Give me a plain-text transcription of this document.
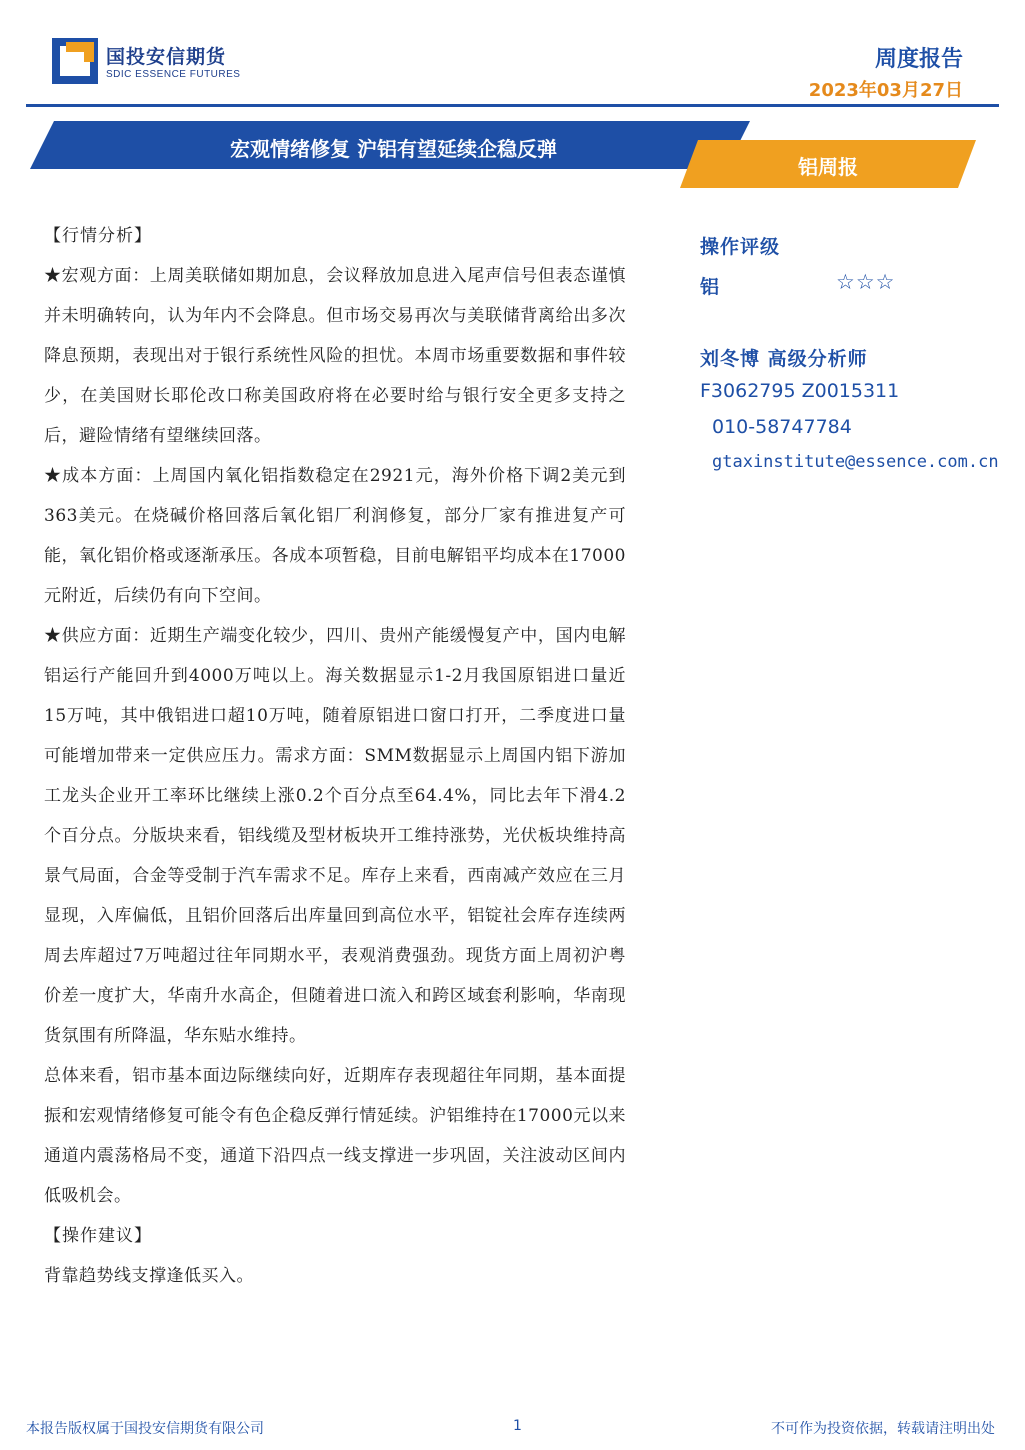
国投安信期货
SDIC ESSENCE FUTURES
周度报告
2023年03月27日
宏观情绪修复 沪铝有望延续企稳反弹
铝周报
【行情分析】

★宏观方面：上周美联储如期加息，会议释放加息进入尾声信号但表态谨慎并未明确转向，认为年内不会降息。但市场交易再次与美联储背离给出多次降息预期，表现出对于银行系统性风险的担忧。本周市场重要数据和事件较少，在美国财长耶伦改口称美国政府将在必要时给与银行安全更多支持之后，避险情绪有望继续回落。

★成本方面：上周国内氧化铝指数稳定在2921元，海外价格下调2美元到363美元。在烧碱价格回落后氧化铝厂利润修复，部分厂家有推进复产可能，氧化铝价格或逐渐承压。各成本项暂稳，目前电解铝平均成本在17000元附近，后续仍有向下空间。

★供应方面：近期生产端变化较少，四川、贵州产能缓慢复产中，国内电解铝运行产能回升到4000万吨以上。海关数据显示1-2月我国原铝进口量近15万吨，其中俄铝进口超10万吨，随着原铝进口窗口打开，二季度进口量可能增加带来一定供应压力。需求方面：SMM数据显示上周国内铝下游加工龙头企业开工率环比继续上涨0.2个百分点至64.4%，同比去年下滑4.2个百分点。分版块来看，铝线缆及型材板块开工维持涨势，光伏板块维持高景气局面，合金等受制于汽车需求不足。库存上来看，西南减产效应在三月显现，入库偏低，且铝价回落后出库量回到高位水平，铝锭社会库存连续两周去库超过7万吨超过往年同期水平，表观消费强劲。现货方面上周初沪粤价差一度扩大，华南升水高企，但随着进口流入和跨区域套利影响，华南现货氛围有所降温，华东贴水维持。

总体来看，铝市基本面边际继续向好，近期库存表现超往年同期，基本面提振和宏观情绪修复可能令有色企稳反弹行情延续。沪铝维持在17000元以来通道内震荡格局不变，通道下沿四点一线支撑进一步巩固，关注波动区间内低吸机会。

【操作建议】

背靠趋势线支撑逢低买入。

操作评级
铝	☆☆☆
刘冬博 高级分析师
F3062795 Z0015311
010-58747784
gtaxinstitute@essence.com.cn
本报告版权属于国投安信期货有限公司	1	不可作为投资依据，转载请注明出处
